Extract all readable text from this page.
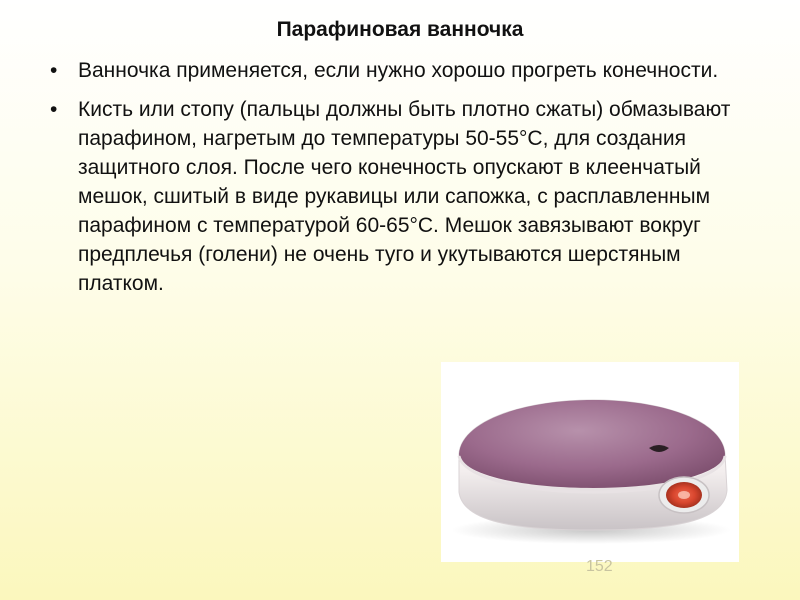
Парафиновая ванночка
• Ванночка применяется, если нужно хорошо прогреть конечности.
• Кисть или стопу (пальцы должны быть плотно сжаты) обмазывают парафином, нагретым до температуры 50-55°С, для создания защитного слоя. После чего конечность опускают в клеенчатый мешок, сшитый в виде рукавицы или сапожка, с расплавленным парафином с температурой 60-65°С. Мешок завязывают вокруг предплечья (голени) не очень туго и укутываются шерстяным платком.
152
